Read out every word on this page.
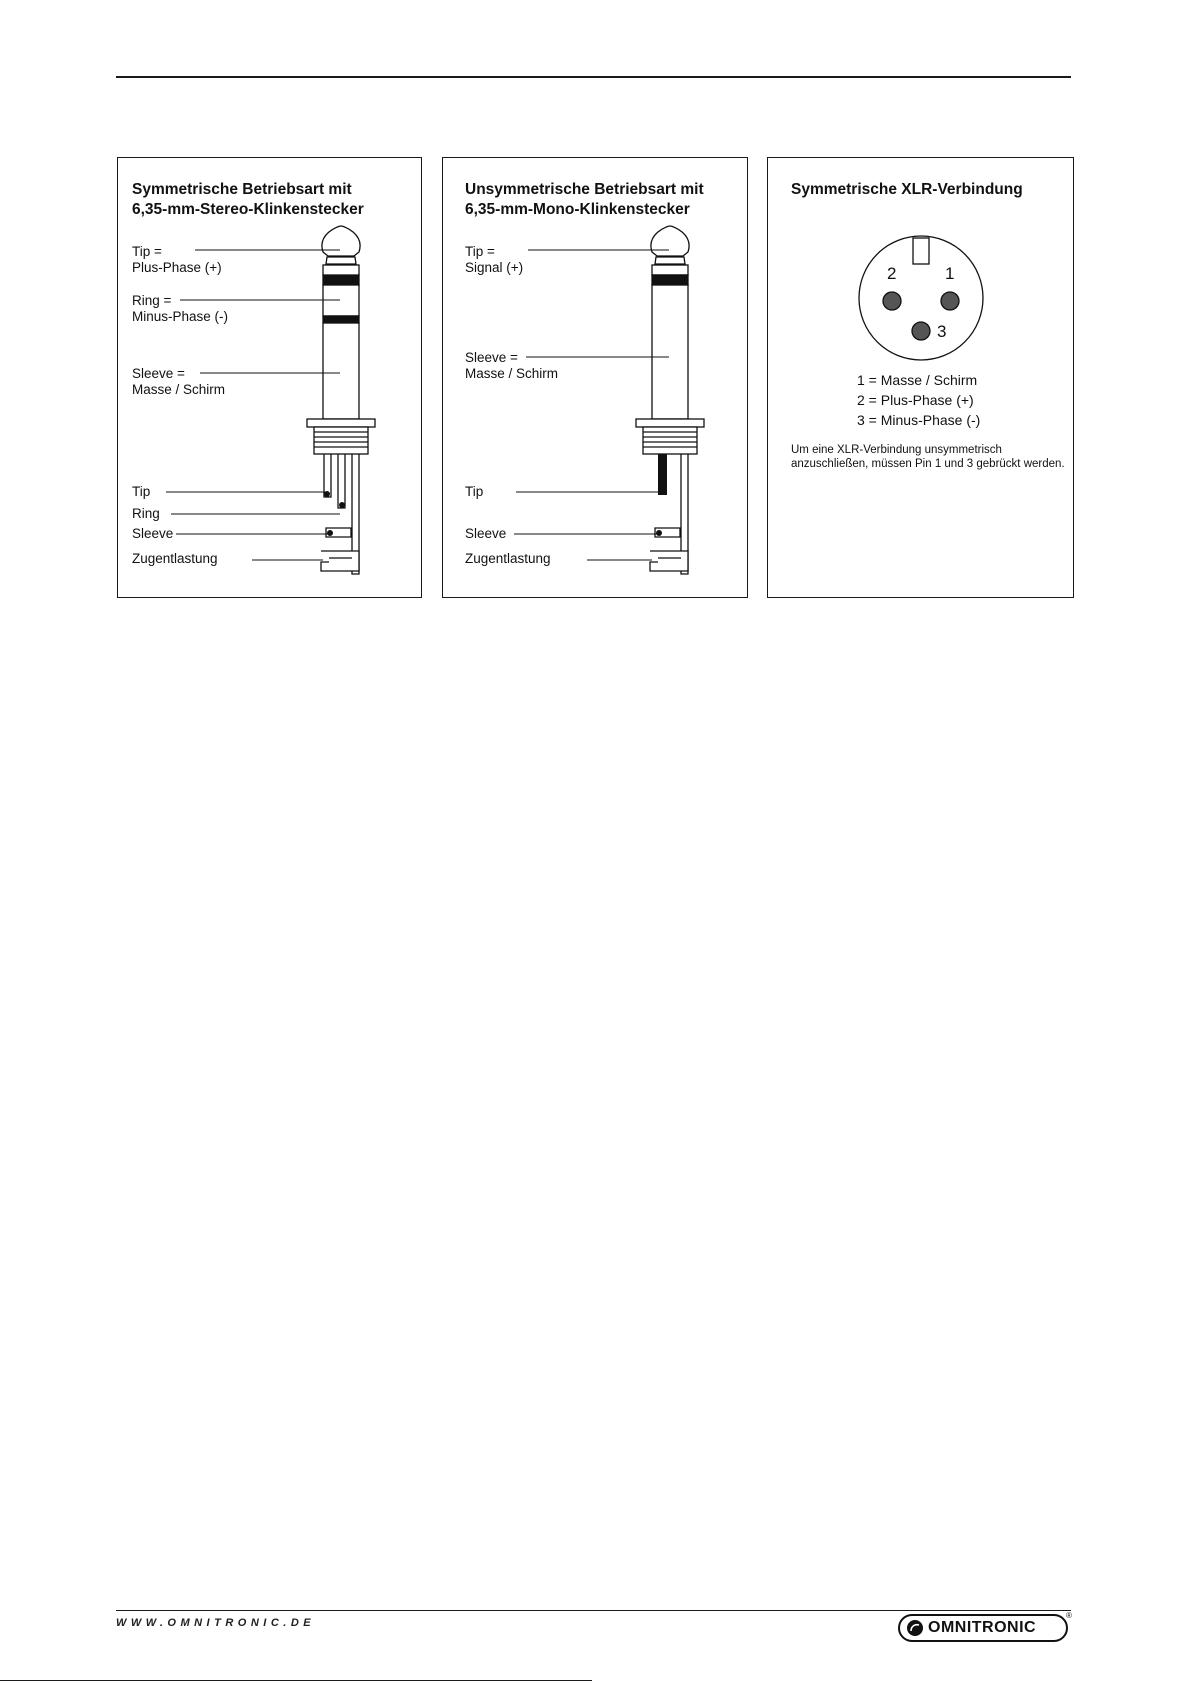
Symmetrische Betriebsart mit
6,35-mm-Stereo-Klinkenstecker
Tip =
Plus-Phase (+)
Ring =
Minus-Phase (-)
Sleeve =
Masse / Schirm
Tip
Ring
Sleeve
Zugentlastung
Unsymmetrische Betriebsart mit
6,35-mm-Mono-Klinkenstecker
Tip =
Signal (+)
Sleeve =
Masse / Schirm
Tip
Sleeve
Zugentlastung
Symmetrische XLR-Verbindung
2	1
3
1 = Masse / Schirm
2 = Plus-Phase (+)
3 = Minus-Phase (-)
Um eine XLR-Verbindung unsymmetrisch anzuschließen, müssen Pin 1 und 3 gebrückt werden.
WWW.OMNITRONIC.DE	OMNITRONIC
®
